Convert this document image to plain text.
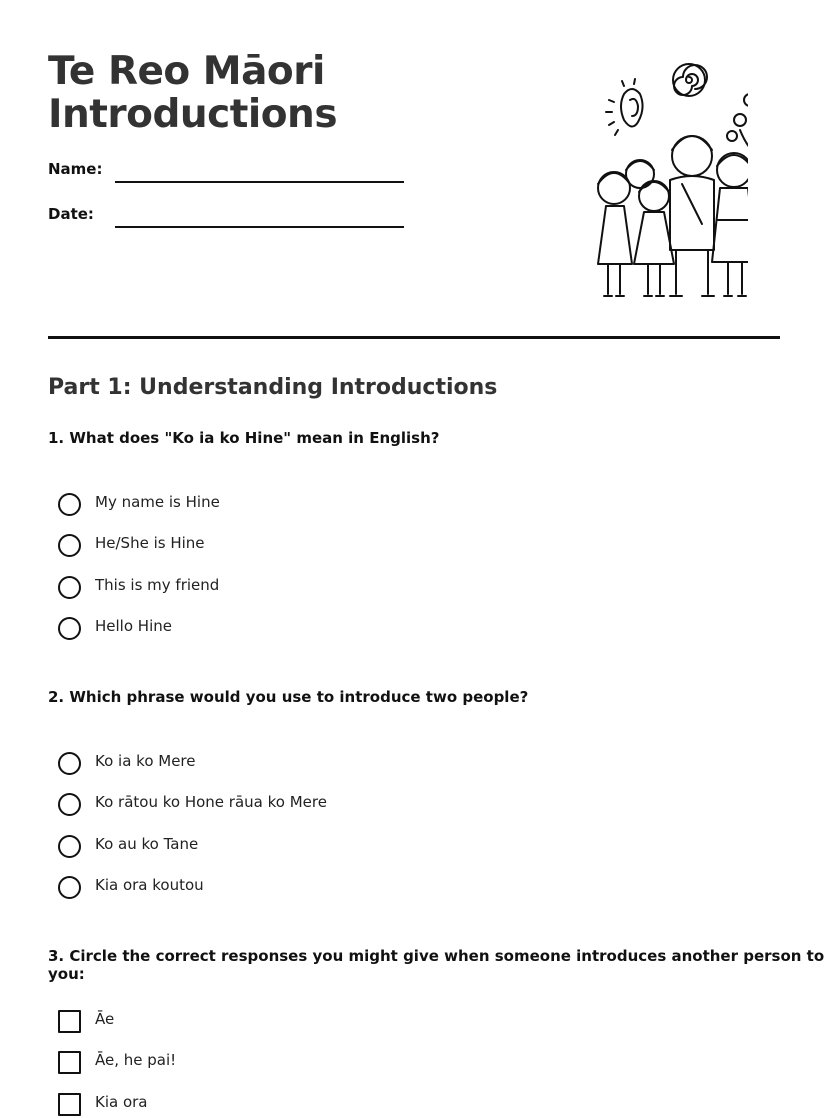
Te Reo Māori
Introductions
Name:
Date:
Part 1: Understanding Introductions

1. What does "Ko ia ko Hine" mean in English?

My name is Hine
He/She is Hine
This is my friend
Hello Hine

2. Which phrase would you use to introduce two people?

Ko ia ko Mere
Ko rātou ko Hone rāua ko Mere
Ko au ko Tane
Kia ora koutou

3. Circle the correct responses you might give when someone introduces another person to you:

Āe
Āe, he pai!
Kia ora
